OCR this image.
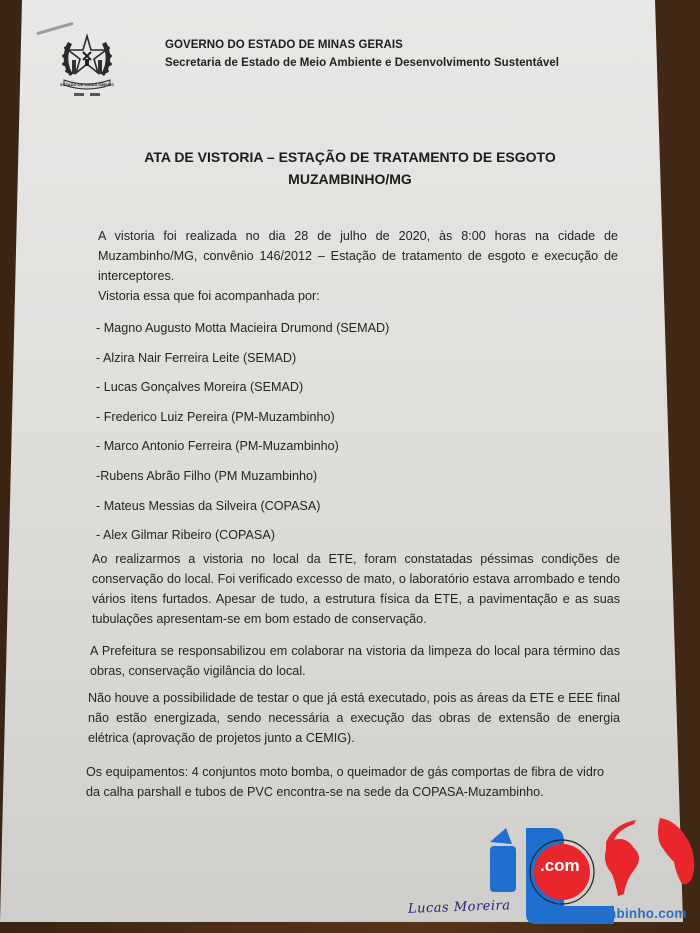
ESTADO DE MINAS GERAIS
GOVERNO DO ESTADO DE MINAS GERAIS
Secretaria de Estado de Meio Ambiente e Desenvolvimento Sustentável
ATA DE VISTORIA – ESTAÇÃO DE TRATAMENTO DE ESGOTO
MUZAMBINHO/MG
A vistoria foi realizada no dia 28 de julho de 2020, às 8:00 horas na cidade de Muzambinho/MG, convênio 146/2012 – Estação de tratamento de esgoto e execução de interceptores.
Vistoria essa que foi acompanhada por:
- Magno Augusto Motta Macieira Drumond (SEMAD)
- Alzira Nair Ferreira Leite (SEMAD)
- Lucas Gonçalves Moreira (SEMAD)
- Frederico Luiz Pereira (PM-Muzambinho)
- Marco Antonio Ferreira (PM-Muzambinho)
-Rubens Abrão Filho (PM Muzambinho)
- Mateus Messias da Silveira (COPASA)
- Alex Gilmar Ribeiro (COPASA)
Ao realizarmos a vistoria no local da ETE, foram constatadas péssimas condições de conservação do local. Foi verificado excesso de mato, o laboratório estava arrombado e tendo vários itens furtados. Apesar de tudo, a estrutura física da ETE, a pavimentação e as suas tubulações apresentam-se em bom estado de conservação.
A Prefeitura se responsabilizou em colaborar na vistoria da limpeza do local para término das obras, conservação vigilância do local.
Não houve a possibilidade de testar o que já está executado, pois as áreas da ETE e EEE final não estão energizada, sendo necessária a execução das obras de extensão de energia elétrica (aprovação de projetos junto a CEMIG).
Os equipamentos: 4 conjuntos moto bomba, o queimador de gás comportas de fibra de vidro da calha parshall e tubos de PVC encontra-se na sede da COPASA-Muzambinho.
Lucas Moreira
.com
muzambinho.com
